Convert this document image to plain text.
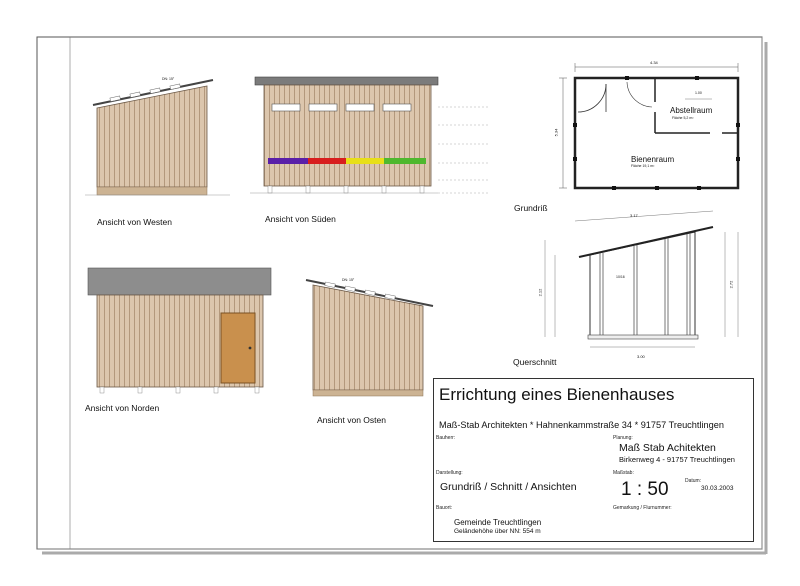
Ansicht von Westen	Ansicht von Süden
Ansicht von Norden
Ansicht von Osten
Grundriß
Querschnitt
DN: 15°
DN: 15°
Abstellraum
Fläche 5,2 m²
Bienenraum
Fläche 19,1 m²
4.34
5.34
1.00
3.17
3.00
10/16
2.12
2.72
Errichtung eines Bienenhauses
Maß-Stab Architekten * Hahnenkammstraße 34 * 91757 Treuchtlingen
Bauherr:	Planung:
Maß Stab Achitekten
Birkenweg 4 - 91757 Treuchtlingen
Darstellung:
Grundriß / Schnitt / Ansichten
Maßstab:
1 : 50	Datum:
30.03.2003
Bauort:
Gemeinde Treuchtlingen
Geländehöhe über NN: 554 m
Gemarkung / Flurnummer:
